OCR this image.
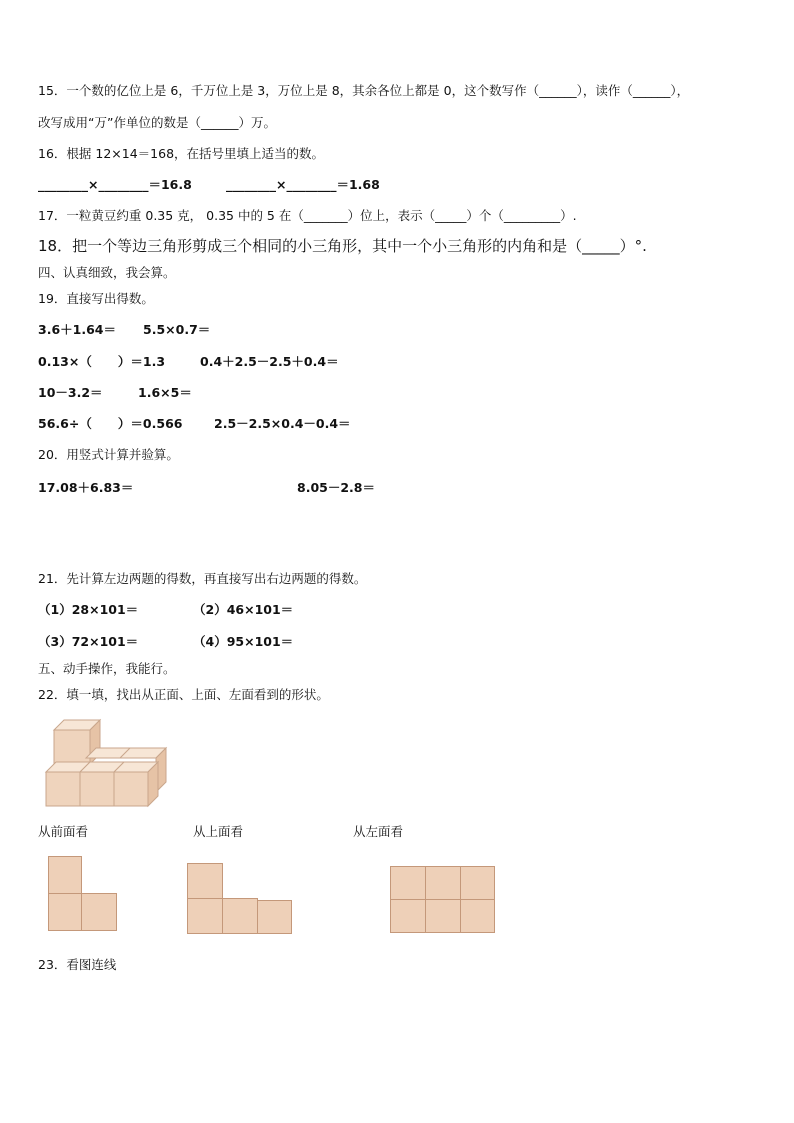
15．一个数的亿位上是 6，千万位上是 3，万位上是 8，其余各位上都是 0，这个数写作（______），读作（______），
改写成用“万”作单位的数是（______）万。
16．根据 12×14＝168，在括号里填上适当的数。
________×________＝16.8	________×________＝1.68
17．一粒黄豆约重 0.35 克， 0.35 中的 5 在（_______）位上，表示（_____）个（_________）.
18．把一个等边三角形剪成三个相同的小三角形，其中一个小三角形的内角和是（_____）°.
四、认真细致，我会算。
19．直接写出得数。
3.6＋1.64＝ 5.5×0.7＝
0.13×（      ）＝1.3	0.4＋2.5－2.5＋0.4＝
10－3.2＝	1.6×5＝
56.6÷（      ）＝0.566	2.5－2.5×0.4－0.4＝
20．用竖式计算并验算。
17.08＋6.83＝	8.05－2.8＝
21．先计算左边两题的得数，再直接写出右边两题的得数。
（1）28×101＝	（2）46×101＝
（3）72×101＝	（4）95×101＝
五、动手操作，我能行。
22．填一填，找出从正面、上面、左面看到的形状。
从前面看	从上面看	从左面看
23．看图连线
